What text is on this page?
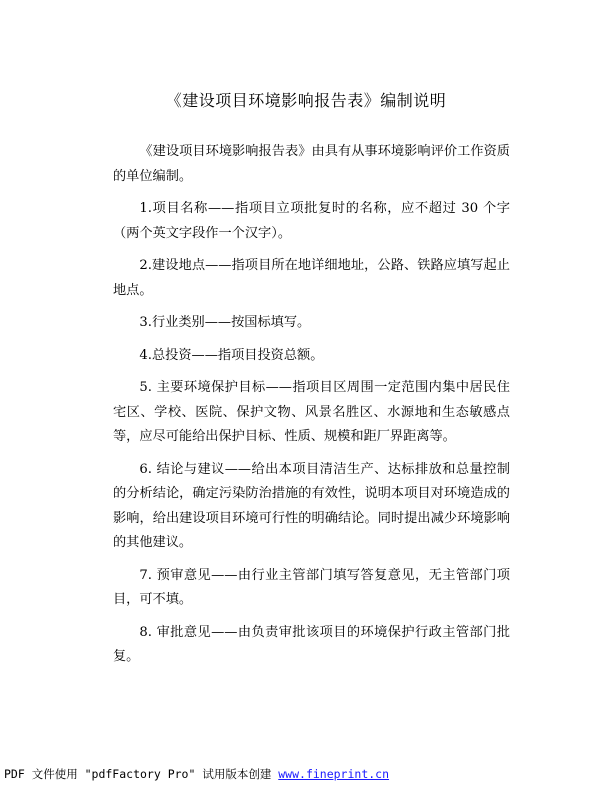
《建设项目环境影响报告表》编制说明

《建设项目环境影响报告表》由具有从事环境影响评价工作资质的单位编制。

1.项目名称——指项目立项批复时的名称，应不超过 30 个字（两个英文字段作一个汉字）。

2.建设地点——指项目所在地详细地址，公路、铁路应填写起止地点。

3.行业类别——按国标填写。

4.总投资——指项目投资总额。

5. 主要环境保护目标——指项目区周围一定范围内集中居民住宅区、学校、医院、保护文物、风景名胜区、水源地和生态敏感点等，应尽可能给出保护目标、性质、规模和距厂界距离等。

6. 结论与建议——给出本项目清洁生产、达标排放和总量控制的分析结论，确定污染防治措施的有效性，说明本项目对环境造成的影响，给出建设项目环境可行性的明确结论。同时提出减少环境影响的其他建议。

7. 预审意见——由行业主管部门填写答复意见，无主管部门项目，可不填。

8. 审批意见——由负责审批该项目的环境保护行政主管部门批复。

PDF 文件使用 "pdfFactory Pro" 试用版本创建 www.fineprint.cn
